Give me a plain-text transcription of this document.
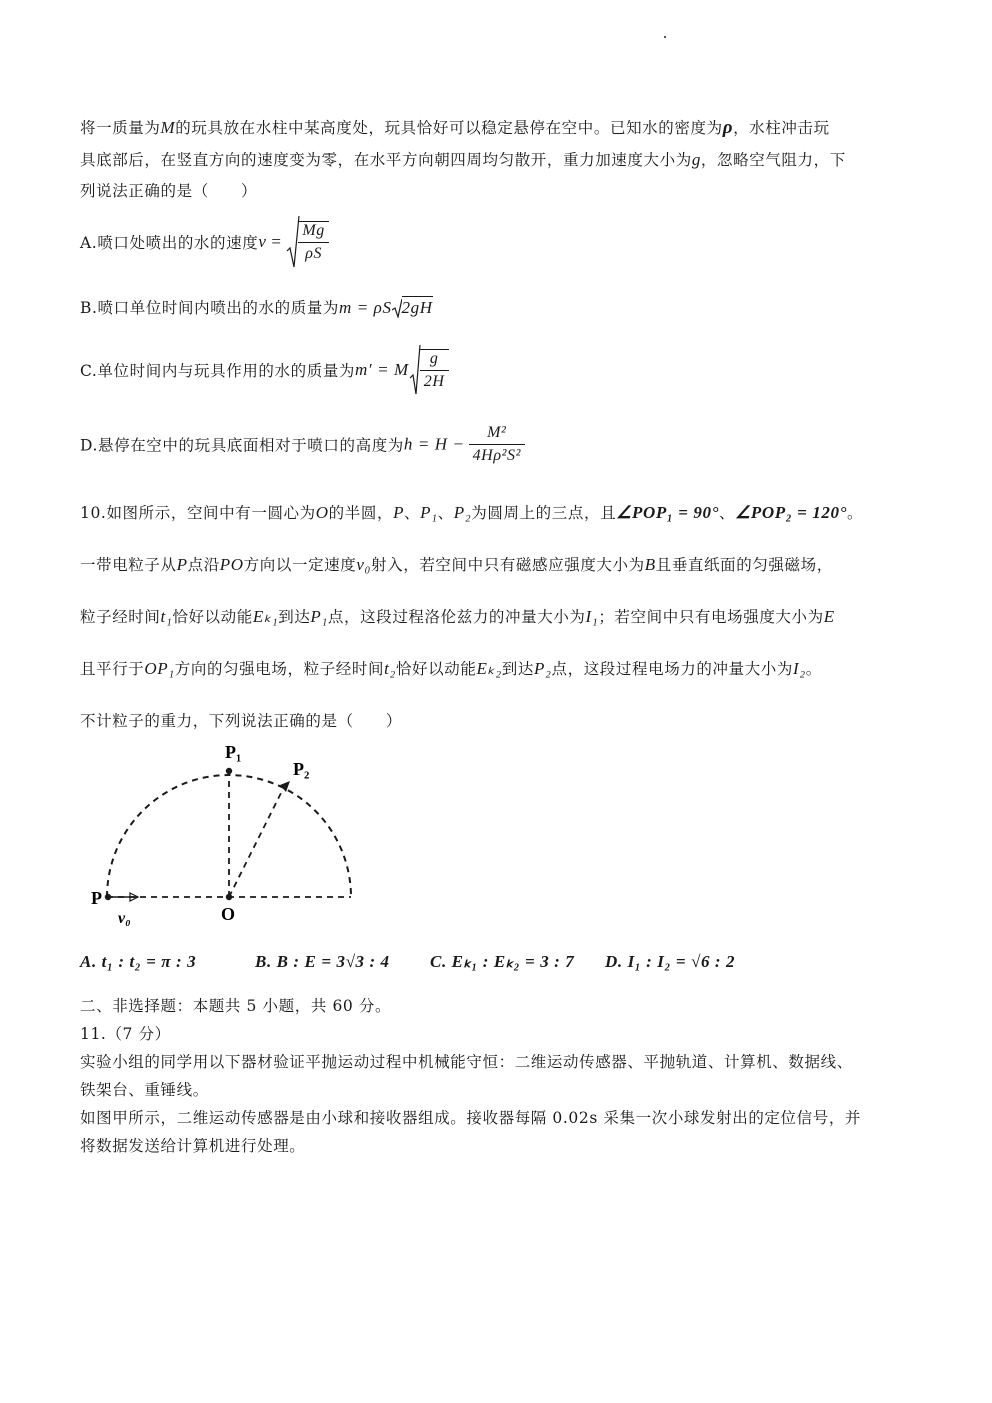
将一质量为M的玩具放在水柱中某高度处，玩具恰好可以稳定悬停在空中。已知水的密度为ρ，水柱冲击玩

具底部后，在竖直方向的速度变为零，在水平方向朝四周均匀散开，重力加速度大小为g，忽略空气阻力，下

列说法正确的是（　　）

A.喷口处喷出的水的速度$v = \frac{Mg}{\rho S}$
B.喷口单位时间内喷出的水的质量为m = ρS 2gH
C.单位时间内与玩具作用的水的质量为m′ = M $\frac{g}{2H}$
D.悬停在空中的玩具底面相对于喷口的高度为$h = H - \frac{\text{M²}}{\text{4Hρ²S²}}$

10.如图所示，空间中有一圆心为O的半圆，P、P₁、P₂为圆周上的三点，且∠POP₁ = 90°、∠POP₂ = 120°。

一带电粒子从P点沿PO方向以一定速度v₀射入，若空间中只有磁感应强度大小为B且垂直纸面的匀强磁场，

粒子经时间t₁恰好以动能Eₖ₁到达P₁点，这段过程洛伦兹力的冲量大小为I₁；若空间中只有电场强度大小为E

且平行于OP₁方向的匀强电场，粒子经时间t₂恰好以动能Eₖ₂到达P₂点，这段过程电场力的冲量大小为I₂。

不计粒子的重力，下列说法正确的是（　　）

P₁
P₂
P
v₀	O
A. t₁ : t₂ = π : 3	B. B : E = 3√3 : 4 C. Eₖ₁ : Eₖ₂ = 3 : 7 D. I₁ : I₂ = √6 : 2

二、非选择题：本题共 5 小题，共 60 分。

11.（7 分）

实验小组的同学用以下器材验证平抛运动过程中机械能守恒：二维运动传感器、平抛轨道、计算机、数据线、

铁架台、重锤线。

如图甲所示，二维运动传感器是由小球和接收器组成。接收器每隔 0.02s 采集一次小球发射出的定位信号，并

将数据发送给计算机进行处理。
